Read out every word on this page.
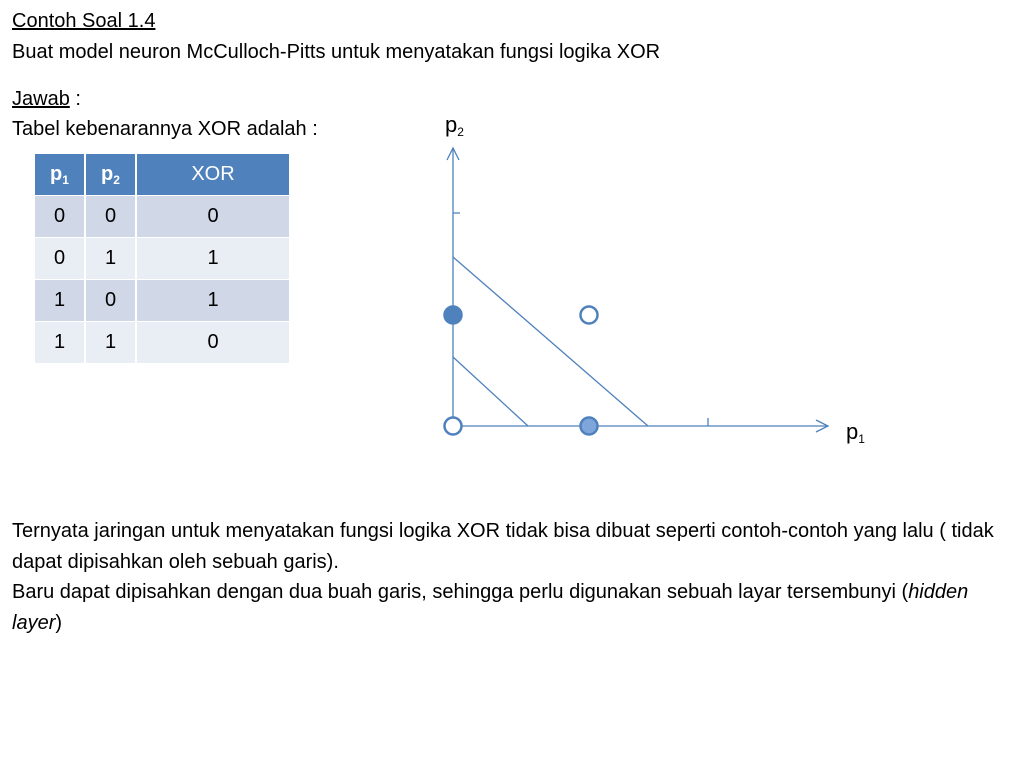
Contoh Soal 1.4
Buat model neuron McCulloch-Pitts untuk menyatakan fungsi logika XOR
Jawab :
Tabel kebenarannya XOR adalah :
$p_1$	$p_2$	XOR
0	0	0
0	1	1
1	0	1
1	1	0
$p_2$
$p_1$
Ternyata jaringan untuk menyatakan fungsi logika XOR tidak bisa dibuat seperti contoh-contoh yang lalu ( tidak dapat dipisahkan oleh sebuah garis).
Baru dapat dipisahkan dengan dua buah garis, sehingga perlu digunakan sebuah layar tersembunyi (hidden layer)
